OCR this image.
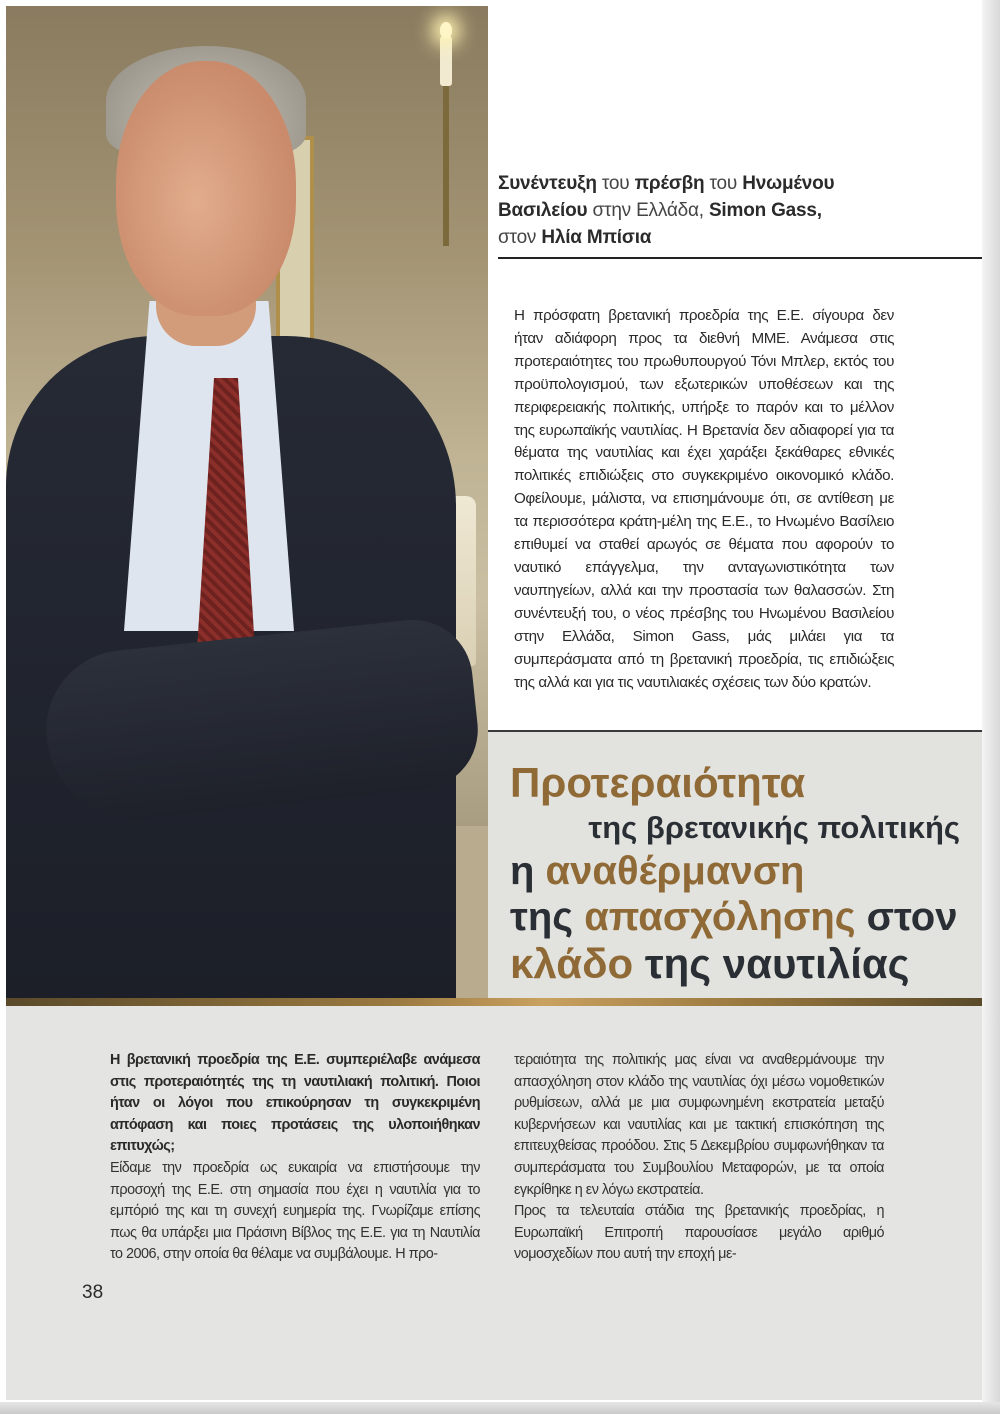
Συνέντευξη του πρέσβη του Ηνωμένου

Βασιλείου στην Ελλάδα, Simon Gass,

στον Ηλία Μπίσια

Η πρόσφατη βρετανική προεδρία της Ε.Ε. σίγουρα δεν ήταν αδιάφορη προς τα διεθνή ΜΜΕ. Ανάμεσα στις προτεραιότητες του πρωθυπουργού Τόνι Μπλερ, εκτός του προϋπολογισμού, των εξωτερικών υποθέσεων και της περιφερειακής πολιτικής, υπήρξε το παρόν και το μέλλον της ευρωπαϊκής ναυτιλίας. Η Βρετανία δεν αδιαφορεί για τα θέματα της ναυτιλίας και έχει χαράξει ξεκάθαρες εθνικές πολιτικές επιδιώξεις στο συγκεκριμένο οικονομικό κλάδο. Οφείλουμε, μάλιστα, να επισημάνουμε ότι, σε αντίθεση με τα περισσότερα κράτη-μέλη της Ε.Ε., το Ηνωμένο Βασίλειο επιθυμεί να σταθεί αρωγός σε θέματα που αφορούν το ναυτικό επάγγελμα, την ανταγωνιστικότητα των ναυπηγείων, αλλά και την προστασία των θαλασσών. Στη συνέντευξή του, ο νέος πρέσβης του Ηνωμένου Βασιλείου στην Ελλάδα, Simon Gass, μάς μιλάει για τα συμπεράσματα από τη βρετανική προεδρία, τις επιδιώξεις της αλλά και για τις ναυτιλιακές σχέσεις των δύο κρατών.

Προτεραιότητα
της βρετανικής πολιτικής
η αναθέρμανση
της απασχόλησης στον
κλάδο της ναυτιλίας

Η βρετανική προεδρία της Ε.Ε. συμπεριέλαβε ανάμεσα στις προτεραιότητές της τη ναυτιλιακή πολιτική. Ποιοι ήταν οι λόγοι που επικούρησαν τη συγκεκριμένη απόφαση και ποιες προτάσεις της υλοποιήθηκαν επιτυχώς;

Είδαμε την προεδρία ως ευκαιρία να επιστήσουμε την προσοχή της Ε.Ε. στη σημασία που έχει η ναυτιλία για το εμπόριό της και τη συνεχή ευημερία της. Γνωρίζαμε επίσης πως θα υπάρξει μια Πράσινη Βίβλος της Ε.Ε. για τη Ναυτιλία το 2006, στην οποία θα θέλαμε να συμβάλουμε. Η προ-

τεραιότητα της πολιτικής μας είναι να αναθερμάνουμε την απασχόληση στον κλάδο της ναυτιλίας όχι μέσω νομοθετικών ρυθμίσεων, αλλά με μια συμφωνημένη εκστρατεία μεταξύ κυβερνήσεων και ναυτιλίας και με τακτική επισκόπηση της επιτευχθείσας προόδου. Στις 5 Δεκεμβρίου συμφωνήθηκαν τα συμπεράσματα του Συμβουλίου Μεταφορών, με τα οποία εγκρίθηκε η εν λόγω εκστρατεία.

Προς τα τελευταία στάδια της βρετανικής προεδρίας, η Ευρωπαϊκή Επιτροπή παρουσίασε μεγάλο αριθμό νομοσχεδίων που αυτή την εποχή με-

38
